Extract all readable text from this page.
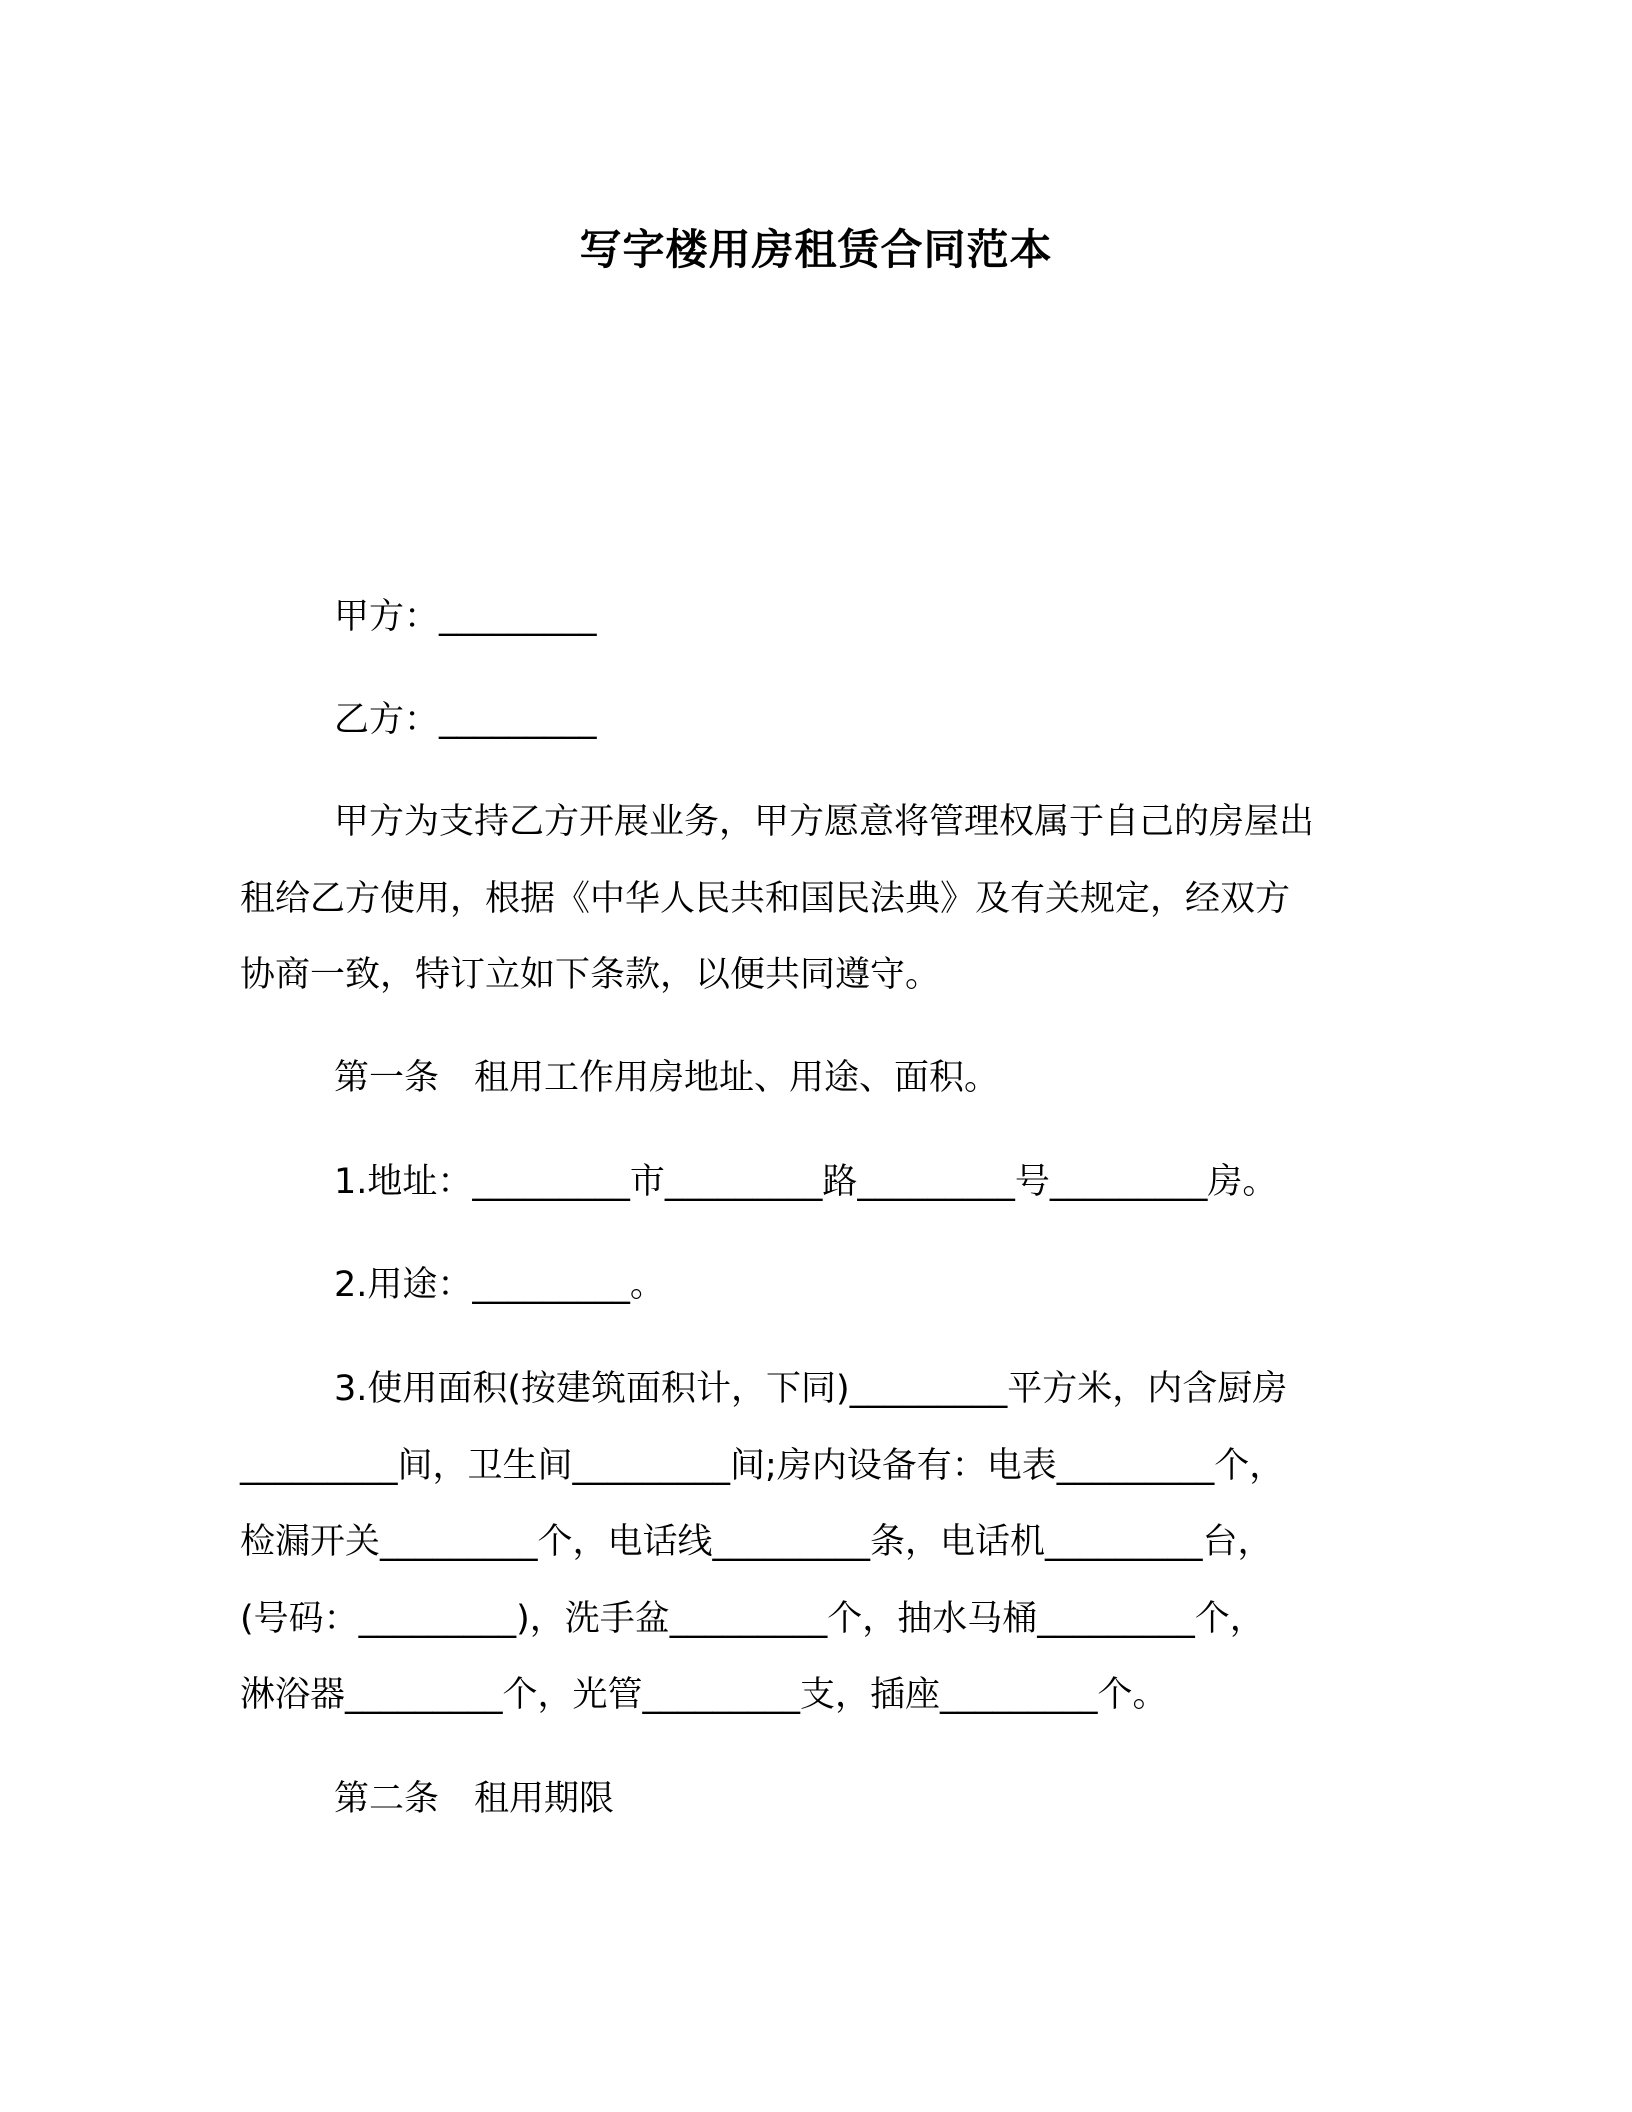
写字楼用房租赁合同范本

甲方：_________

乙方：_________

甲方为支持乙方开展业务，甲方愿意将管理权属于自己的房屋出

租给乙方使用，根据《中华人民共和国民法典》及有关规定，经双方

协商一致，特订立如下条款，以便共同遵守。

第一条　租用工作用房地址、用途、面积。

1.地址：_________市_________路_________号_________房。

2.用途：_________。

3.使用面积(按建筑面积计，下同)_________平方米，内含厨房

_________间，卫生间_________间;房内设备有：电表_________个，

检漏开关_________个，电话线_________条，电话机_________台，

(号码：_________)，洗手盆_________个，抽水马桶_________个，

淋浴器_________个，光管_________支，插座_________个。

第二条　租用期限
